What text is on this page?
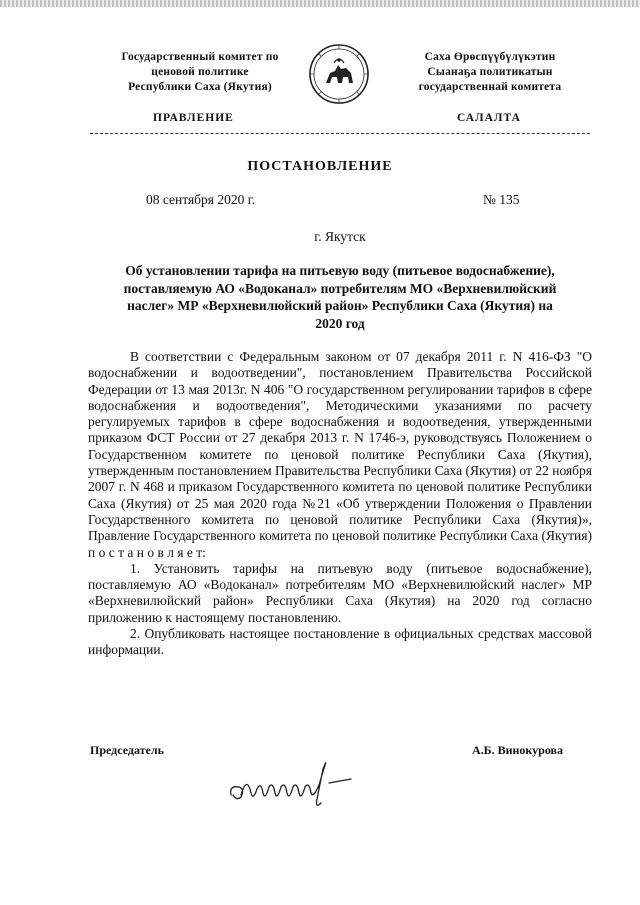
Государственный комитет по
ценовой политике
Республики Саха (Якутия)
Саха Өрөспүүбүлүкэтин
Сыанаҕа политикатын
государственнай комитета
ПРАВЛЕНИЕ	САЛАЛТА
ПОСТАНОВЛЕНИЕ
08 сентября 2020 г.	№ 135
г. Якутск
Об установлении тарифа на питьевую воду (питьевое водоснабжение),
поставляемую АО «Водоканал» потребителям МО «Верхневилюйский
наслег» МР «Верхневилюйский район» Республики Саха (Якутия) на
2020 год

В соответствии с Федеральным законом от 07 декабря 2011 г. N 416-ФЗ "О водоснабжении и водоотведении", постановлением Правительства Российской Федерации от 13 мая 2013г. N 406 "О государственном регулировании тарифов в сфере водоснабжения и водоотведения", Методическими указаниями по расчету регулируемых тарифов в сфере водоснабжения и водоотведения, утвержденными приказом ФСТ России от 27 декабря 2013 г. N 1746-э, руководствуясь Положением о Государственном комитете по ценовой политике Республики Саха (Якутия), утвержденным постановлением Правительства Республики Саха (Якутия) от 22 ноября 2007 г. N 468 и приказом Государственного комитета по ценовой политике Республики Саха (Якутия) от 25 мая 2020 года №21 «Об утверждении Положения о Правлении Государственного комитета по ценовой политике Республики Саха (Якутия)», Правление Государственного комитета по ценовой политике Республики Саха (Якутия) п о с т а н о в л я е т:

1. Установить тарифы на питьевую воду (питьевое водоснабжение), поставляемую АО «Водоканал» потребителям МО «Верхневилюйский наслег» МР «Верхневилюйский район» Республики Саха (Якутия) на 2020 год согласно приложению к настоящему постановлению.

2. Опубликовать настоящее постановление в официальных средствах массовой информации.

Председатель	А.Б. Винокурова
